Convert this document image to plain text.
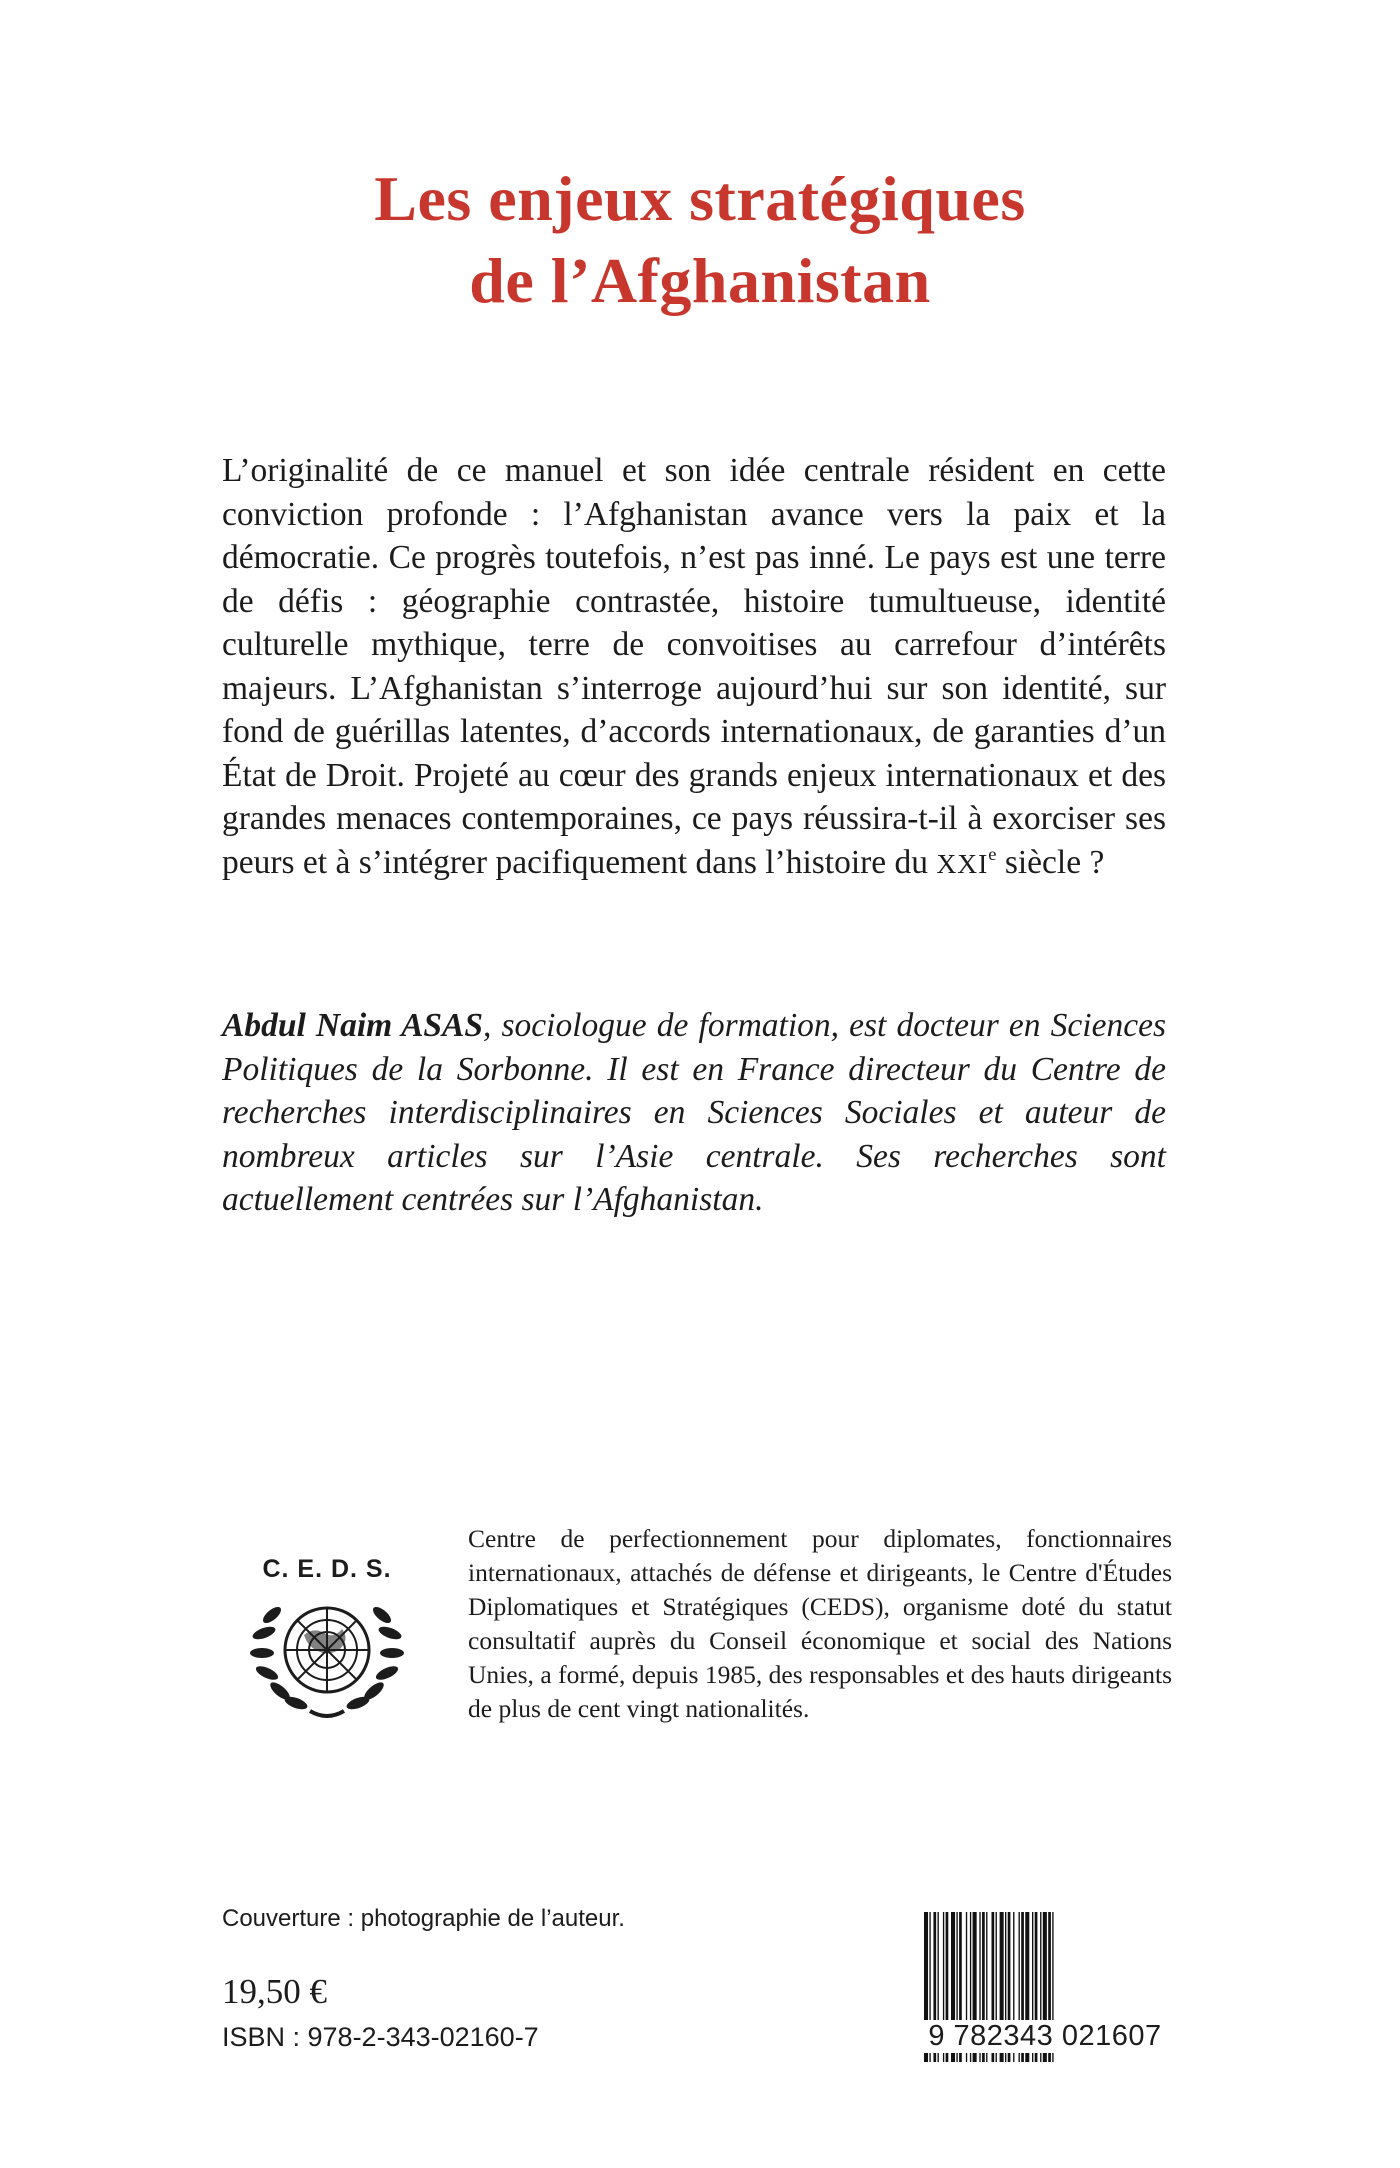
Les enjeux stratégiques
de l’Afghanistan

L’originalité de ce manuel et son idée centrale résident en cette conviction profonde : l’Afghanistan avance vers la paix et la démocratie. Ce progrès toutefois, n’est pas inné. Le pays est une terre de défis : géographie contrastée, histoire tumultueuse, identité culturelle mythique, terre de convoitises au carrefour d’intérêts majeurs. L’Afghanistan s’interroge aujourd’hui sur son identité, sur fond de guérillas latentes, d’accords internationaux, de garanties d’un État de Droit. Projeté au cœur des grands enjeux internationaux et des grandes menaces contemporaines, ce pays réussira-t-il à exorciser ses peurs et à s’intégrer pacifiquement dans l’histoire du XXIe siècle ?

Abdul Naim ASAS, sociologue de formation, est docteur en Sciences Politiques de la Sorbonne. Il est en France directeur du Centre de recherches interdisciplinaires en Sciences Sociales et auteur de nombreux articles sur l’Asie centrale. Ses recherches sont actuellement centrées sur l’Afghanistan.

C. E. D. S.
Centre de perfectionnement pour diplomates, fonctionnaires internationaux, attachés de défense et dirigeants, le Centre d'Études Diplomatiques et Stratégiques (CEDS), organisme doté du statut consultatif auprès du Conseil économique et social des Nations Unies, a formé, depuis 1985, des responsables et des hauts dirigeants de plus de cent vingt nationalités.
Couverture : photographie de l’auteur.
19,50 €
ISBN : 978-2-343-02160-7	9 782343 021607
